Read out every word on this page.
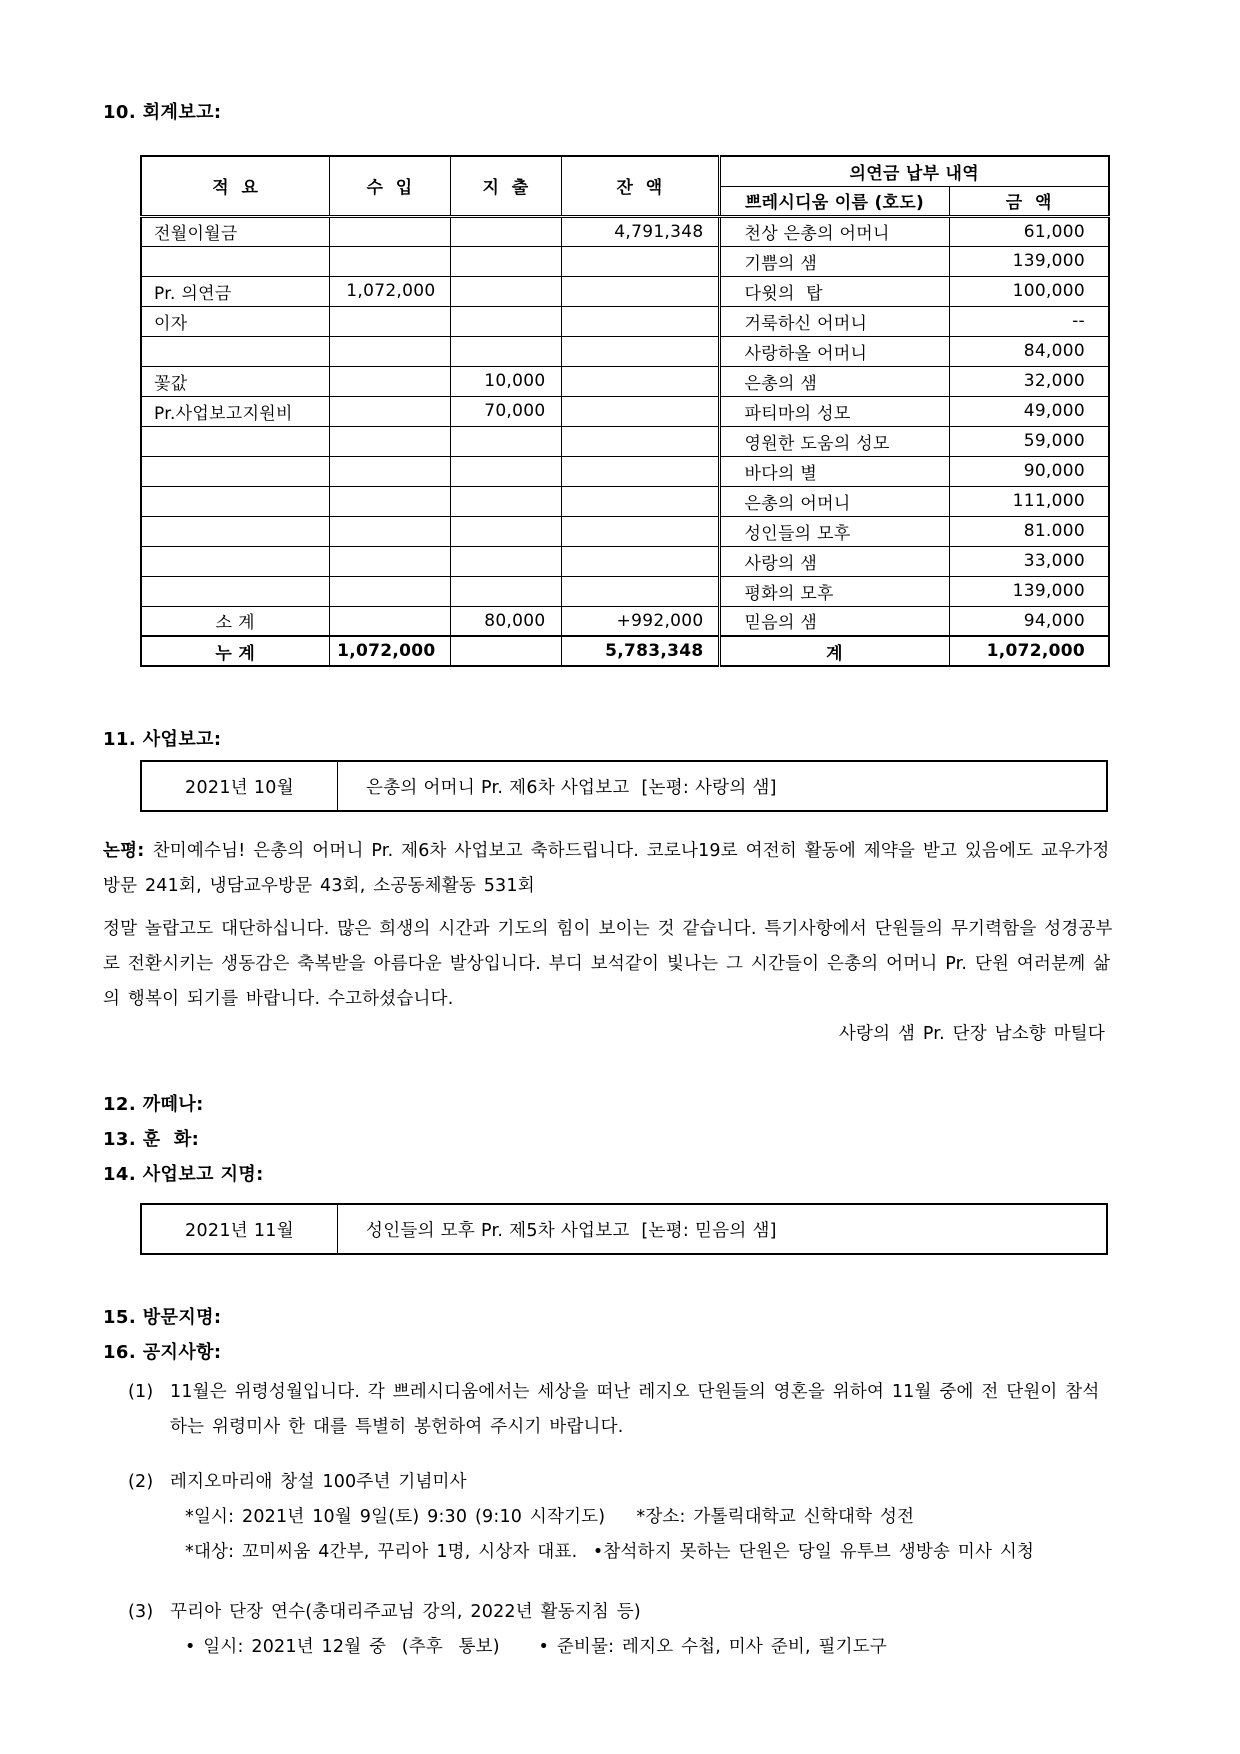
10. 회계보고:
적  요	수  입	지  출	잔  액	의연금 납부 내역	
				쁘레시디움 이름 (호도)	금  액
전월이월금			4,791,348	천상 은총의 어머니	61,000
				기쁨의 샘	139,000
Pr. 의연금	1,072,000			다윗의  탑	100,000
이자				거룩하신 어머니	--
				사랑하올 어머니	84,000
꽃값		10,000		은총의 샘	32,000
Pr.사업보고지원비		70,000		파티마의 성모	49,000
				영원한 도움의 성모	59,000
				바다의 별	90,000
				은총의 어머니	111,000
				성인들의 모후	81.000
				사랑의 샘	33,000
				평화의 모후	139,000
소 계		80,000	+992,000	믿음의 샘	94,000
누 계	1,072,000		5,783,348	계	1,072,000
11. 사업보고:
2021년 10월	은총의 어머니 Pr. 제6차 사업보고  [논평: 사랑의 샘]
논평: 찬미예수님! 은총의 어머니 Pr. 제6차 사업보고 축하드립니다. 코로나19로 여전히 활동에 제약을 받고 있음에도 교우가정방문 241회, 냉담교우방문 43회, 소공동체활동 531회
정말 놀랍고도 대단하십니다. 많은 희생의 시간과 기도의 힘이 보이는 것 같습니다. 특기사항에서 단원들의 무기력함을 성경공부로 전환시키는 생동감은 축복받을 아름다운 발상입니다. 부디 보석같이 빛나는 그 시간들이 은총의 어머니 Pr. 단원 여러분께 삶의 행복이 되기를 바랍니다. 수고하셨습니다.
사랑의 샘 Pr. 단장 남소향 마틸다
12. 까떼나:
13. 훈  화:
14. 사업보고 지명:
2021년 11월	성인들의 모후 Pr. 제5차 사업보고  [논평: 믿음의 샘]
15. 방문지명:
16. 공지사항:
(1) 11월은 위령성월입니다. 각 쁘레시디움에서는 세상을 떠난 레지오 단원들의 영혼을 위하여 11월 중에 전 단원이 참석하는 위령미사 한 대를 특별히 봉헌하여 주시기 바랍니다.
(2) 레지오마리애 창설 100주년 기념미사
*일시: 2021년 10월 9일(토) 9:30 (9:10 시작기도)    *장소: 가톨릭대학교 신학대학 성전
*대상: 꼬미씨움 4간부, 꾸리아 1명, 시상자 대표.  •참석하지 못하는 단원은 당일 유투브 생방송 미사 시청
(3) 꾸리아 단장 연수(총대리주교님 강의, 2022년 활동지침 등)
• 일시: 2021년 12월 중  (추후  통보)     • 준비물: 레지오 수첩, 미사 준비, 필기도구
